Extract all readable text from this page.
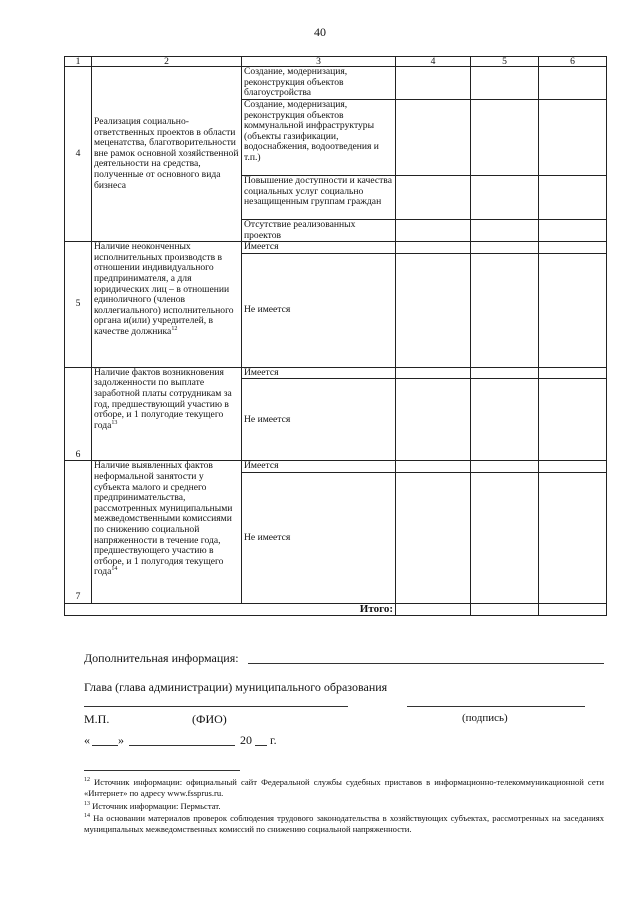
40
1	2	3	4	5	6
4	Реализация социально-ответственных проектов в области меценатства, благотворительности вне рамок основной хозяйственной деятельности на средства, полученные от основного вида бизнеса	Создание, модернизация, реконструкция объектов благоустройства			
		Создание, модернизация, реконструкция объектов коммунальной инфраструктуры (объекты газификации, водоснабжения, водоотведения и т.п.)			
		Повышение доступности и качества социальных услуг социально незащищенным группам граждан			
		Отсутствие реализованных проектов			
5	Наличие неоконченных исполнительных производств в отношении индивидуального предпринимателя, а для юридических лиц – в отношении единоличного (членов коллегиального) исполнительного органа и(или) учредителей, в качестве должника$^{12}$	Имеется			
		Не имеется			
6	Наличие фактов возникновения задолженности по выплате заработной платы сотрудникам за год, предшествующий участию в отборе, и 1 полугодие текущего года$^{13}$	Имеется			
		Не имеется			
7	Наличие выявленных фактов неформальной занятости у субъекта малого и среднего предпринимательства, рассмотренных муниципальными межведомственными комиссиями по снижению социальной напряженности в течение года, предшествующего участию в отборе, и 1 полугодия текущего года$^{14}$	Имеется			
		Не имеется			
Итого:					
Дополнительная информация:
Глава (глава администрации) муниципального образования
М.П.	(ФИО)	(подпись)
« »	20 г.
$^{12}$ Источник информации: официальный сайт Федеральной службы судебных приставов в информационно-телекоммуникационной сети «Интернет» по адресу www.fssprus.ru.
$^{13}$ Источник информации: Пермьстат.
$^{14}$ На основании материалов проверок соблюдения трудового законодательства в хозяйствующих субъектах, рассмотренных на заседаниях муниципальных межведомственных комиссий по снижению социальной напряженности.
